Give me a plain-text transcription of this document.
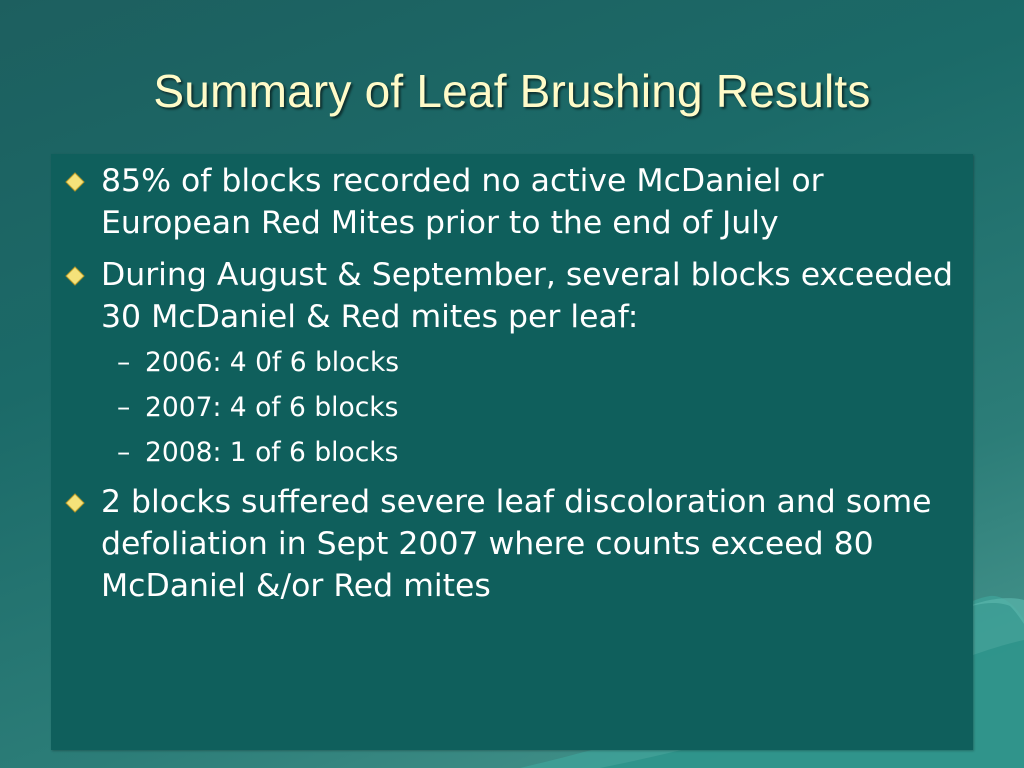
Summary of Leaf Brushing Results
85% of blocks recorded no active McDaniel or European Red Mites prior to the end of July
During August & September, several blocks exceeded 30 McDaniel & Red mites per leaf:
– 2006: 4 0f 6 blocks
– 2007: 4 of 6 blocks
– 2008: 1 of 6 blocks
2 blocks suffered severe leaf discoloration and some defoliation in Sept 2007 where counts exceed 80 McDaniel &/or Red mites
